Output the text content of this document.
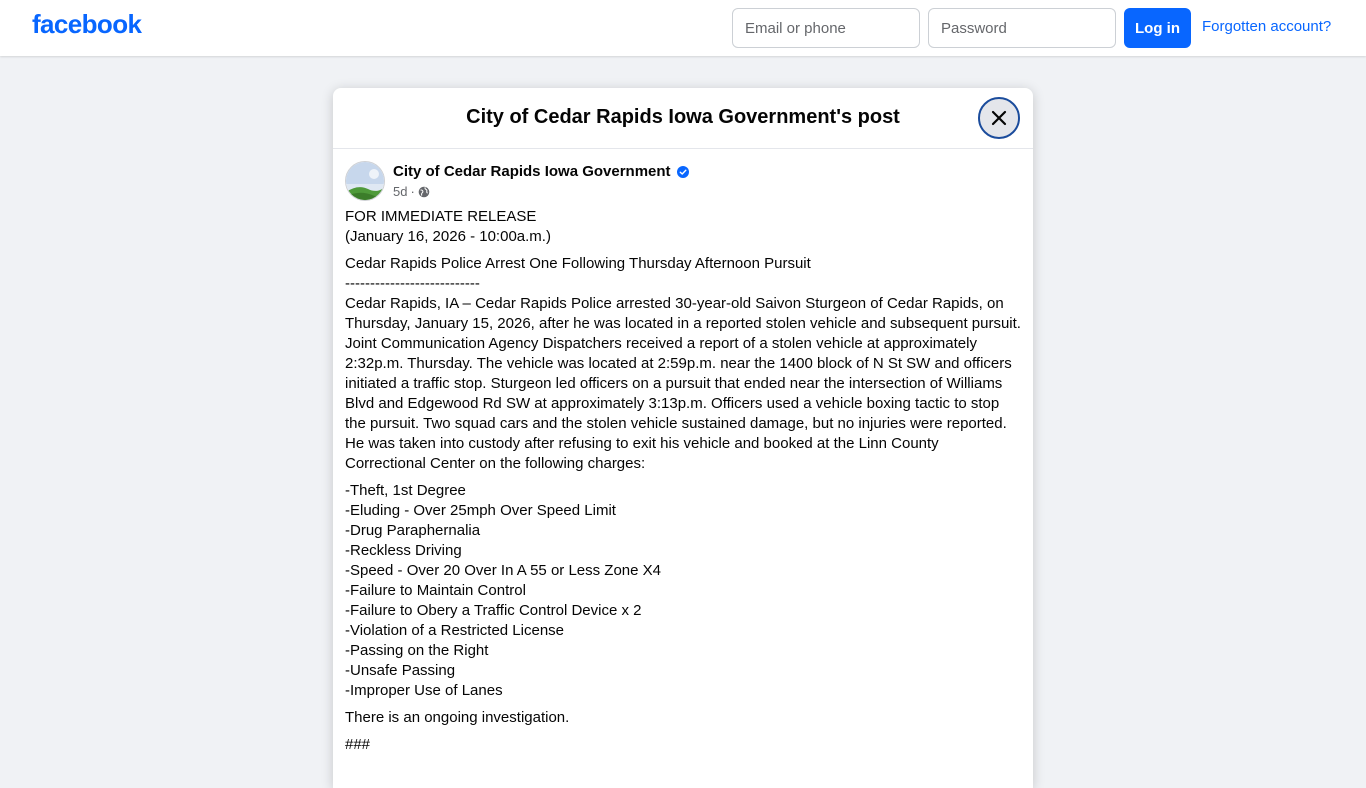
facebook
Email or phone	Log in	Forgotten account?
City of Cedar Rapids Iowa Government's post
City of Cedar Rapids Iowa Government
5d ·
FOR IMMEDIATE RELEASE
(January 16, 2026 - 10:00a.m.)
Cedar Rapids Police Arrest One Following Thursday Afternoon Pursuit
---------------------------
Cedar Rapids, IA – Cedar Rapids Police arrested 30-year-old Saivon Sturgeon of Cedar Rapids, on Thursday, January 15, 2026, after he was located in a reported stolen vehicle and subsequent pursuit. Joint Communication Agency Dispatchers received a report of a stolen vehicle at approximately 2:32p.m. Thursday. The vehicle was located at 2:59p.m. near the 1400 block of N St SW and officers initiated a traffic stop. Sturgeon led officers on a pursuit that ended near the intersection of Williams Blvd and Edgewood Rd SW at approximately 3:13p.m. Officers used a vehicle boxing tactic to stop the pursuit. Two squad cars and the stolen vehicle sustained damage, but no injuries were reported. He was taken into custody after refusing to exit his vehicle and booked at the Linn County Correctional Center on the following charges:
-Theft, 1st Degree
-Eluding - Over 25mph Over Speed Limit
-Drug Paraphernalia
-Reckless Driving
-Speed - Over 20 Over In A 55 or Less Zone X4
-Failure to Maintain Control
-Failure to Obery a Traffic Control Device x 2
-Violation of a Restricted License
-Passing on the Right
-Unsafe Passing
-Improper Use of Lanes
There is an ongoing investigation.
###
